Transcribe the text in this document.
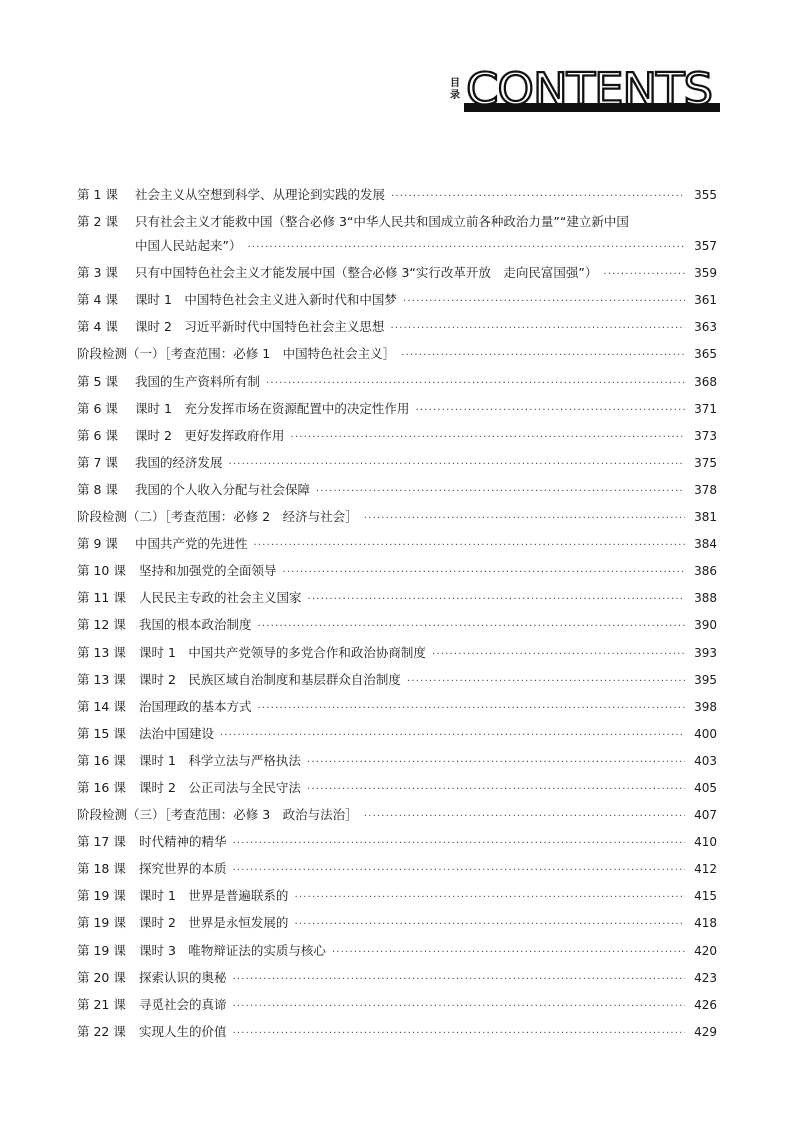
目
录 CONTENTS
第 1 课	社会主义从空想到科学、从理论到实践的发展 ·····	355
第 2 课	只有社会主义才能救中国（整合必修 3“中华人民共和国成立前各种政治力量”“建立新中国
中国人民站起来”） ·····	357
第 3 课	只有中国特色社会主义才能发展中国（整合必修 3“实行改革开放　走向民富国强”） ·····	359
第 4 课	课时 1　中国特色社会主义进入新时代和中国梦 ·····	361
第 4 课	课时 2　习近平新时代中国特色社会主义思想 ·····	363
阶段检测（一）［考查范围：必修 1　中国特色社会主义］ ·····	365
第 5 课	我国的生产资料所有制 ·····	368
第 6 课	课时 1　充分发挥市场在资源配置中的决定性作用 ·····	371
第 6 课	课时 2　更好发挥政府作用 ·····	373
第 7 课	我国的经济发展 ·····	375
第 8 课	我国的个人收入分配与社会保障 ·····	378
阶段检测（二）［考查范围：必修 2　经济与社会］ ·····	381
第 9 课	中国共产党的先进性 ·····	384
第 10 课	坚持和加强党的全面领导 ·····	386
第 11 课	人民民主专政的社会主义国家 ·····	388
第 12 课	我国的根本政治制度 ·····	390
第 13 课	课时 1　中国共产党领导的多党合作和政治协商制度 ·····	393
第 13 课	课时 2　民族区域自治制度和基层群众自治制度 ·····	395
第 14 课	治国理政的基本方式 ·····	398
第 15 课	法治中国建设 ·····	400
第 16 课	课时 1　科学立法与严格执法 ·····	403
第 16 课	课时 2　公正司法与全民守法 ·····	405
阶段检测（三）［考查范围：必修 3　政治与法治］ ·····	407
第 17 课	时代精神的精华 ·····	410
第 18 课	探究世界的本质 ·····	412
第 19 课	课时 1　世界是普遍联系的 ·····	415
第 19 课	课时 2　世界是永恒发展的 ·····	418
第 19 课	课时 3　唯物辩证法的实质与核心 ·····	420
第 20 课	探索认识的奥秘 ·····	423
第 21 课	寻觅社会的真谛 ·····	426
第 22 课	实现人生的价值 ·····	429
